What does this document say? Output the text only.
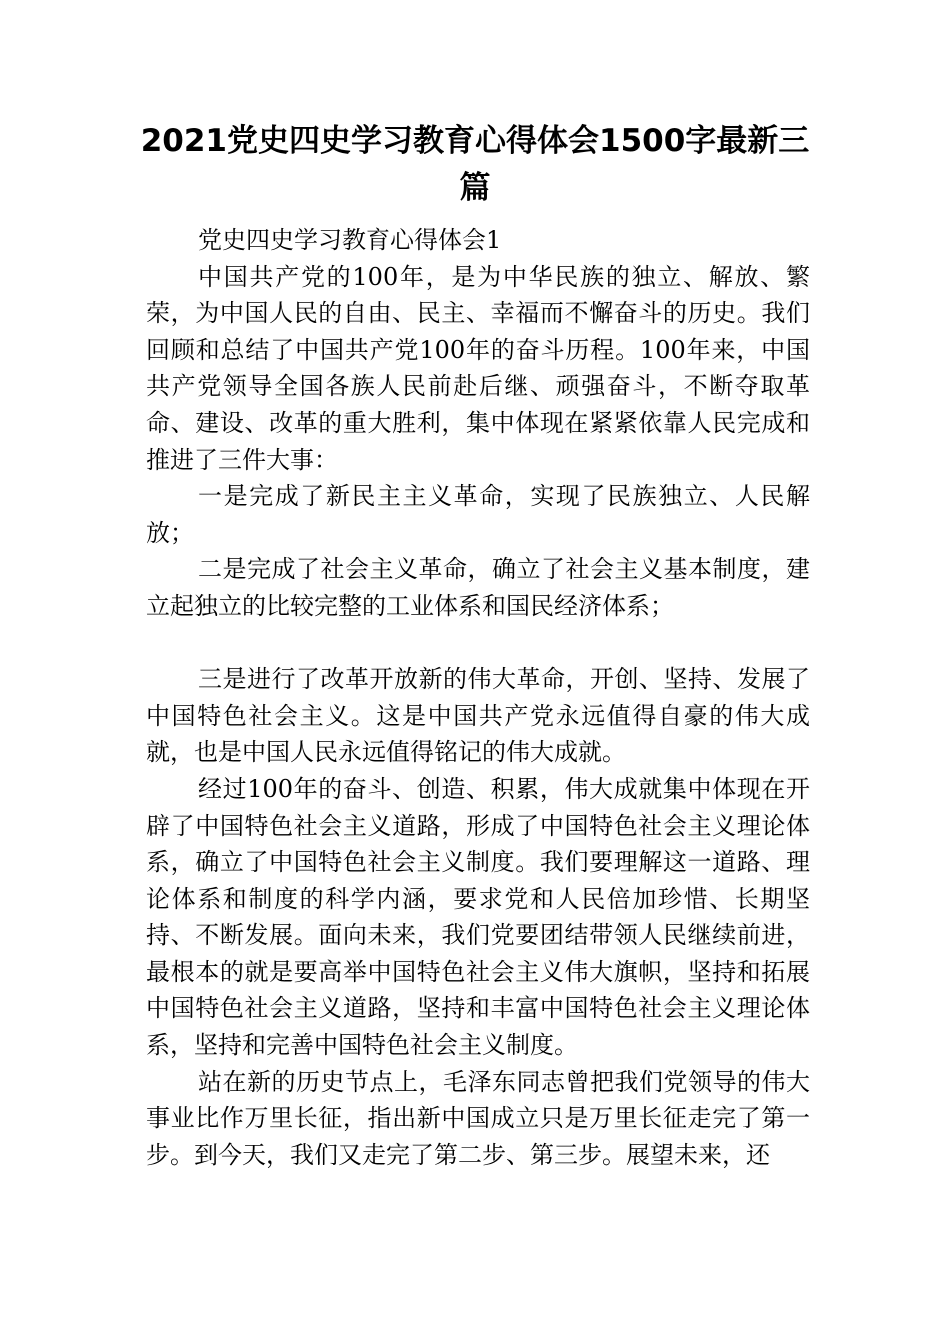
2021党史四史学习教育心得体会1500字最新三篇

党史四史学习教育心得体会1

中国共产党的100年，是为中华民族的独立、解放、繁荣，为中国人民的自由、民主、幸福而不懈奋斗的历史。我们回顾和总结了中国共产党100年的奋斗历程。100年来，中国共产党领导全国各族人民前赴后继、顽强奋斗，不断夺取革命、建设、改革的重大胜利，集中体现在紧紧依靠人民完成和推进了三件大事：

一是完成了新民主主义革命，实现了民族独立、人民解放；

二是完成了社会主义革命，确立了社会主义基本制度，建立起独立的比较完整的工业体系和国民经济体系；

三是进行了改革开放新的伟大革命，开创、坚持、发展了中国特色社会主义。这是中国共产党永远值得自豪的伟大成就，也是中国人民永远值得铭记的伟大成就。

经过100年的奋斗、创造、积累，伟大成就集中体现在开辟了中国特色社会主义道路，形成了中国特色社会主义理论体系，确立了中国特色社会主义制度。我们要理解这一道路、理论体系和制度的科学内涵，要求党和人民倍加珍惜、长期坚持、不断发展。面向未来，我们党要团结带领人民继续前进，最根本的就是要高举中国特色社会主义伟大旗帜，坚持和拓展中国特色社会主义道路，坚持和丰富中国特色社会主义理论体系，坚持和完善中国特色社会主义制度。

站在新的历史节点上，毛泽东同志曾把我们党领导的伟大事业比作万里长征，指出新中国成立只是万里长征走完了第一步。到今天，我们又走完了第二步、第三步。展望未来，还
